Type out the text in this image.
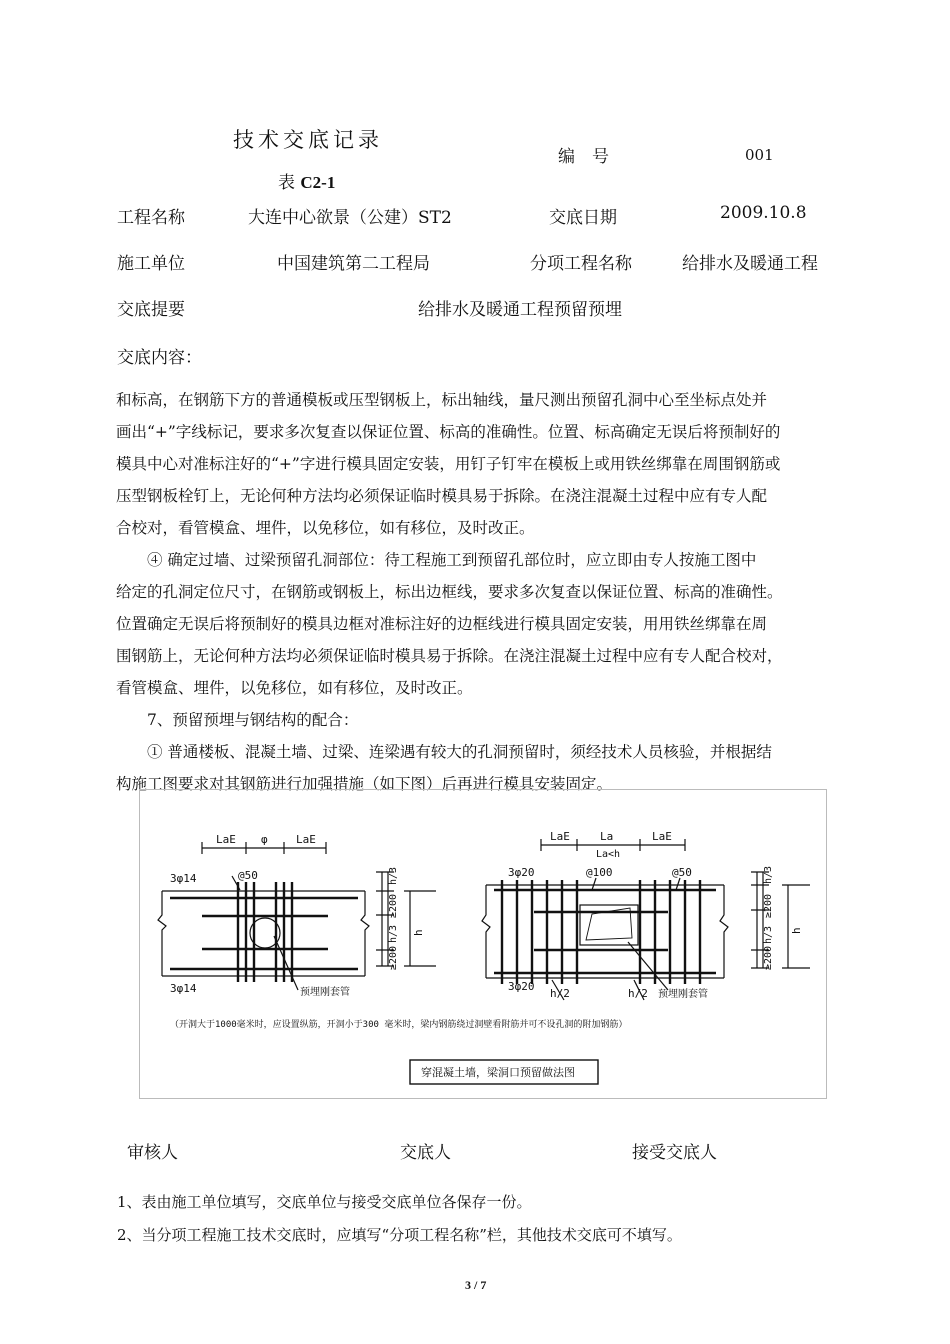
技术交底记录
表 C2-1
编　号	001
工程名称	大连中心欲景（公建）ST2	交底日期	2009.10.8
施工单位	中国建筑第二工程局	分项工程名称	给排水及暖通工程
交底提要	给排水及暖通工程预留预埋
交底内容：

和标高，在钢筋下方的普通模板或压型钢板上，标出轴线，量尺测出预留孔洞中心至坐标点处并

画出“+”字线标记，要求多次复查以保证位置、标高的准确性。位置、标高确定无误后将预制好的

模具中心对准标注好的“+”字进行模具固定安装，用钉子钉牢在模板上或用铁丝绑靠在周围钢筋或

压型钢板栓钉上，无论何种方法均必须保证临时模具易于拆除。在浇注混凝土过程中应有专人配

合校对，看管模盒、埋件，以免移位，如有移位，及时改正。

④ 确定过墙、过梁预留孔洞部位：待工程施工到预留孔部位时，应立即由专人按施工图中

给定的孔洞定位尺寸，在钢筋或钢板上，标出边框线，要求多次复查以保证位置、标高的准确性。

位置确定无误后将预制好的模具边框对准标注好的边框线进行模具固定安装，用用铁丝绑靠在周

围钢筋上，无论何种方法均必须保证临时模具易于拆除。在浇注混凝土过程中应有专人配合校对，

看管模盒、埋件，以免移位，如有移位，及时改正。

7、预留预埋与钢结构的配合：

① 普通楼板、混凝土墙、过梁、连梁遇有较大的孔洞预留时，须经技术人员核验，并根据结

构施工图要求对其钢筋进行加强措施（如下图）后再进行模具安装固定。

3φ14
3φ14
@50
LaE φ	LaE
预埋刚套管
≥200
h/3
≥200
h/3 h
3φ20
3φ20
@100	@50
LaE	La
La<h
LaE
h/2	h/2 预埋刚套管
≥200
h/3
≥200
h/3 h
（开洞大于1000毫米时，应设置纵筋，开洞小于300 毫米时，梁内钢筋绕过洞壁看附筋并可不设孔洞的附加钢筋）
穿混凝土墙，梁洞口预留做法图
审核人	交底人	接受交底人
1、表由施工单位填写，交底单位与接受交底单位各保存一份。
2、当分项工程施工技术交底时，应填写“分项工程名称”栏，其他技术交底可不填写。
3 / 7
